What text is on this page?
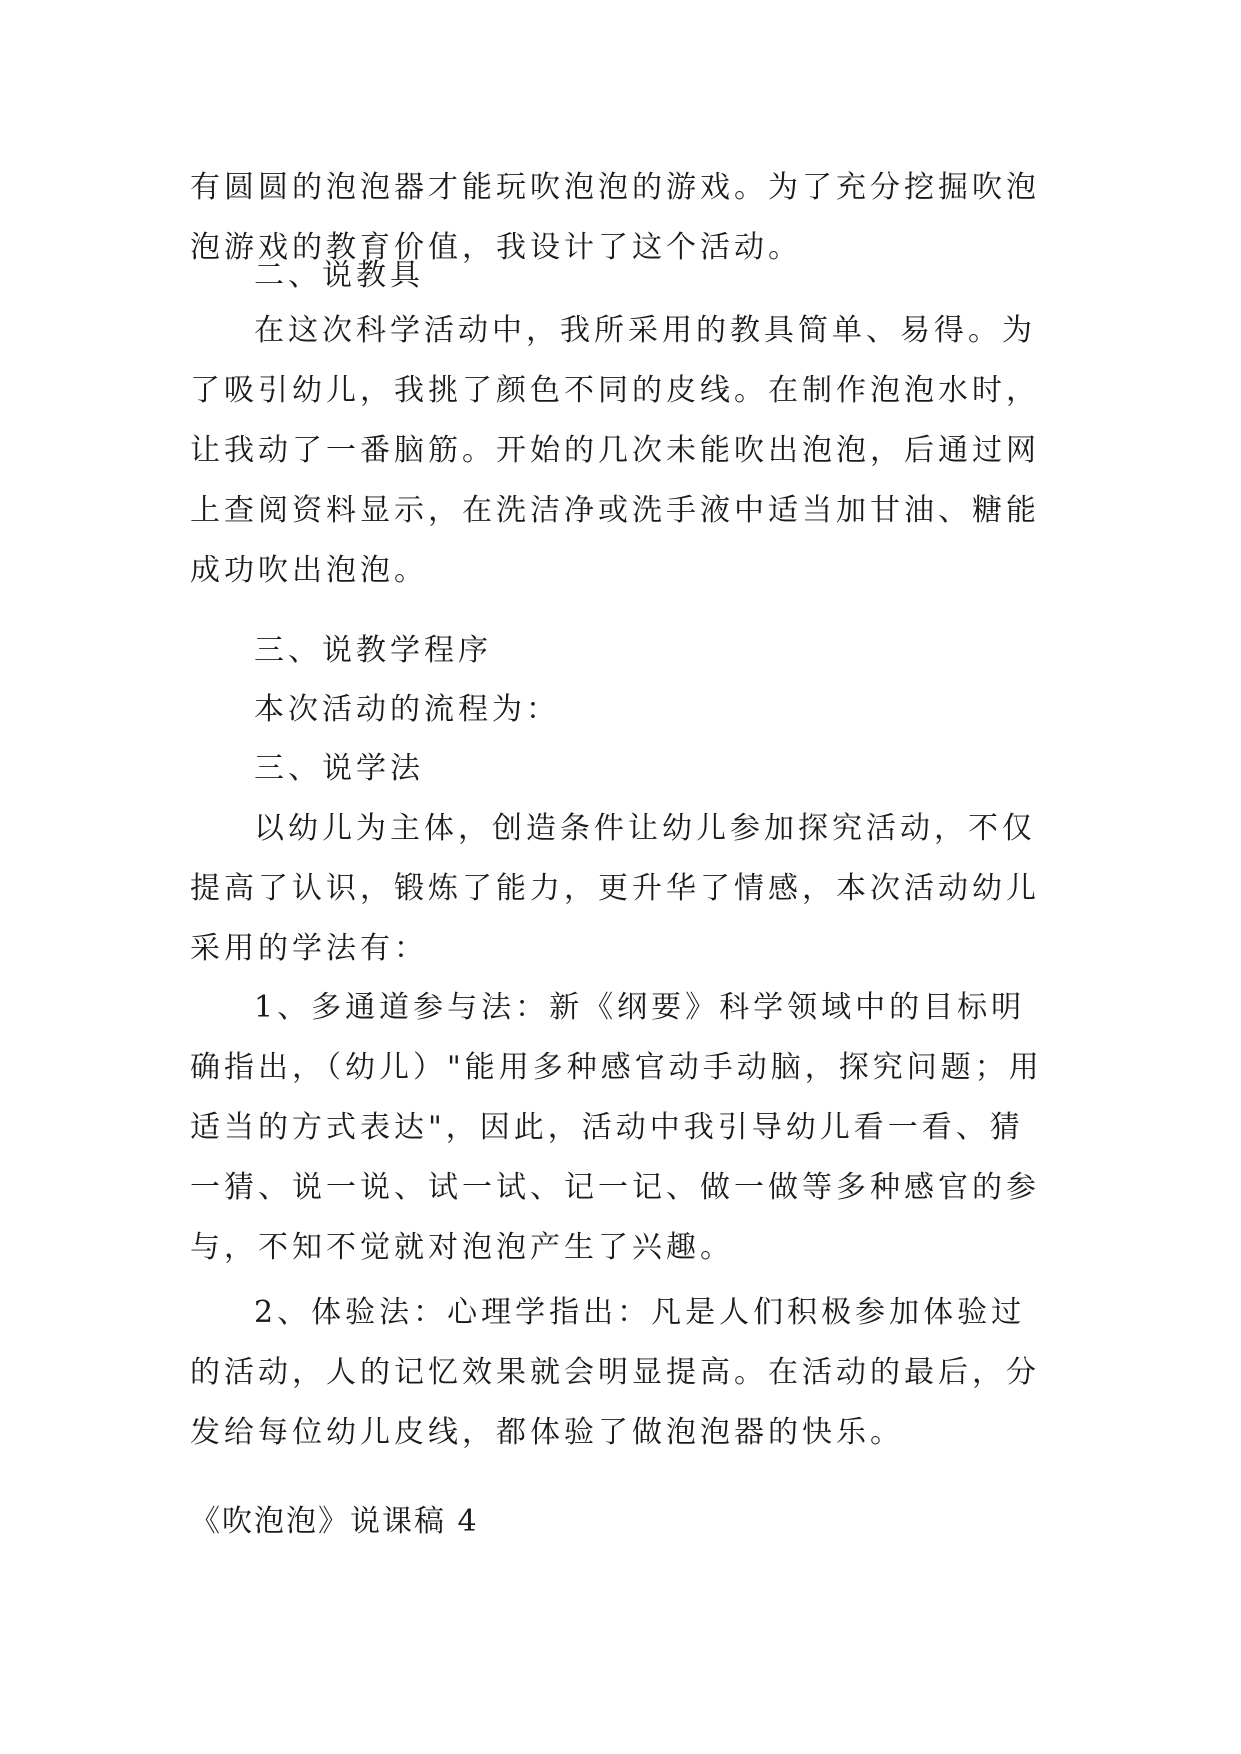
有圆圆的泡泡器才能玩吹泡泡的游戏。为了充分挖掘吹泡泡游戏的教育价值，我设计了这个活动。
二、说教具
在这次科学活动中，我所采用的教具简单、易得。为了吸引幼儿，我挑了颜色不同的皮线。在制作泡泡水时，让我动了一番脑筋。开始的几次未能吹出泡泡，后通过网上查阅资料显示，在洗洁净或洗手液中适当加甘油、糖能成功吹出泡泡。
三、说教学程序
本次活动的流程为：
三、说学法
以幼儿为主体，创造条件让幼儿参加探究活动，不仅提高了认识，锻炼了能力，更升华了情感，本次活动幼儿采用的学法有：
1、多通道参与法：新《纲要》科学领域中的目标明确指出，（幼儿）"能用多种感官动手动脑，探究问题；用适当的方式表达"，因此，活动中我引导幼儿看一看、猜一猜、说一说、试一试、记一记、做一做等多种感官的参与，不知不觉就对泡泡产生了兴趣。
2、体验法：心理学指出：凡是人们积极参加体验过的活动，人的记忆效果就会明显提高。在活动的最后，分发给每位幼儿皮线，都体验了做泡泡器的快乐。
《吹泡泡》说课稿 4
